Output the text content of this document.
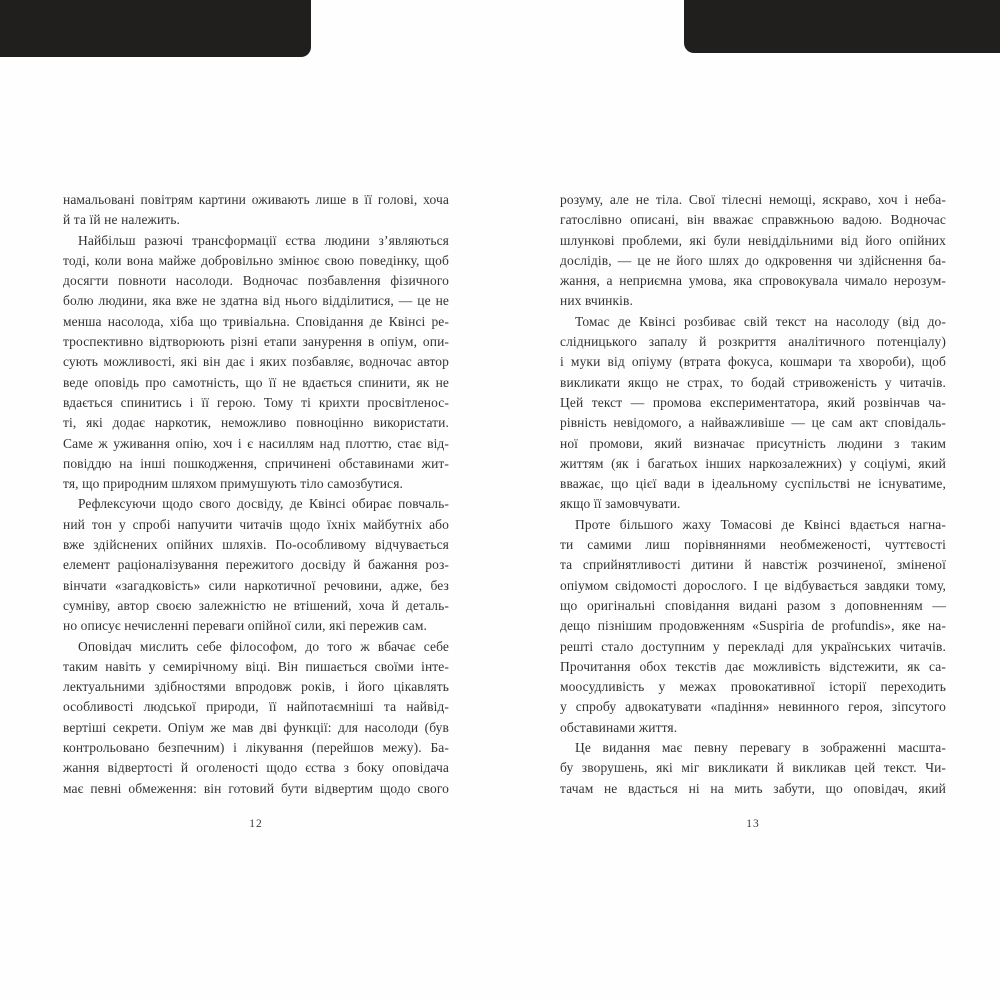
намальовані повітрям картини оживають лише в її голові, хоча
й та їй не належить.
Найбільш разючі трансформації єства людини з’являються
тоді, коли вона майже добровільно змінює свою поведінку, щоб
досягти повноти насолоди. Водночас позбавлення фізичного
болю людини, яка вже не здатна від нього відділитися, — це не
менша насолода, хіба що тривіальна. Сповідання де Квінсі ре-
троспективно відтворюють різні етапи занурення в опіум, опи-
сують можливості, які він дає і яких позбавляє, водночас автор
веде оповідь про самотність, що її не вдається спинити, як не
вдається спинитись і її герою. Тому ті крихти просвітленос-
ті, які додає наркотик, неможливо повноцінно використати.
Саме ж уживання опію, хоч і є насиллям над плоттю, стає від-
повіддю на інші пошкодження, спричинені обставинами жит-
тя, що природним шляхом примушують тіло самозбутися.
Рефлексуючи щодо свого досвіду, де Квінсі обирає повчаль-
ний тон у спробі напучити читачів щодо їхніх майбутніх або
вже здійснених опійних шляхів. По-особливому відчувається
елемент раціоналізування пережитого досвіду й бажання роз-
вінчати «загадковість» сили наркотичної речовини, адже, без
сумніву, автор своєю залежністю не втішений, хоча й деталь-
но описує нечисленні переваги опійної сили, які пережив сам.
Оповідач мислить себе філософом, до того ж вбачає себе
таким навіть у семирічному віці. Він пишається своїми інте-
лектуальними здібностями впродовж років, і його цікавлять
особливості людської природи, її найпотаємніші та найвід-
вертіші секрети. Опіум же мав дві функції: для насолоди (був
контрольовано безпечним) і лікування (перейшов межу). Ба-
жання відвертості й оголеності щодо єства з боку оповідача
має певні обмеження: він готовий бути відвертим щодо свого
розуму, але не тіла. Свої тілесні немощі, яскраво, хоч і неба-
гатослівно описані, він вважає справжньою вадою. Водночас
шлункові проблеми, які були невіддільними від його опійних
дослідів, — це не його шлях до одкровення чи здійснення ба-
жання, а неприємна умова, яка спровокувала чимало нерозум-
них вчинків.
Томас де Квінсі розбиває свій текст на насолоду (від до-
слідницького запалу й розкриття аналітичного потенціалу)
і муки від опіуму (втрата фокуса, кошмари та хвороби), щоб
викликати якщо не страх, то бодай стривоженість у читачів.
Цей текст — промова експериментатора, який розвінчав ча-
рівність невідомого, а найважливіше — це сам акт сповідаль-
ної промови, який визначає присутність людини з таким
життям (як і багатьох інших наркозалежних) у соціумі, який
вважає, що цієї вади в ідеальному суспільстві не існуватиме,
якщо її замовчувати.
Проте більшого жаху Томасові де Квінсі вдається нагна-
ти самими лиш порівняннями необмеженості, чуттєвості
та сприйнятливості дитини й навстіж розчиненої, зміненої
опіумом свідомості дорослого. І це відбувається завдяки тому,
що оригінальні сповідання видані разом з доповненням —
дещо пізнішим продовженням «Suspiria de profundis», яке на-
решті стало доступним у перекладі для українських читачів.
Прочитання обох текстів дає можливість відстежити, як са-
моосудливість у межах провокативної історії переходить
у спробу адвокатувати «падіння» невинного героя, зіпсутого
обставинами життя.
Це видання має певну перевагу в зображенні масшта-
бу зворушень, які міг викликати й викликав цей текст. Чи-
тачам не вдасться ні на мить забути, що оповідач, який
12	13
